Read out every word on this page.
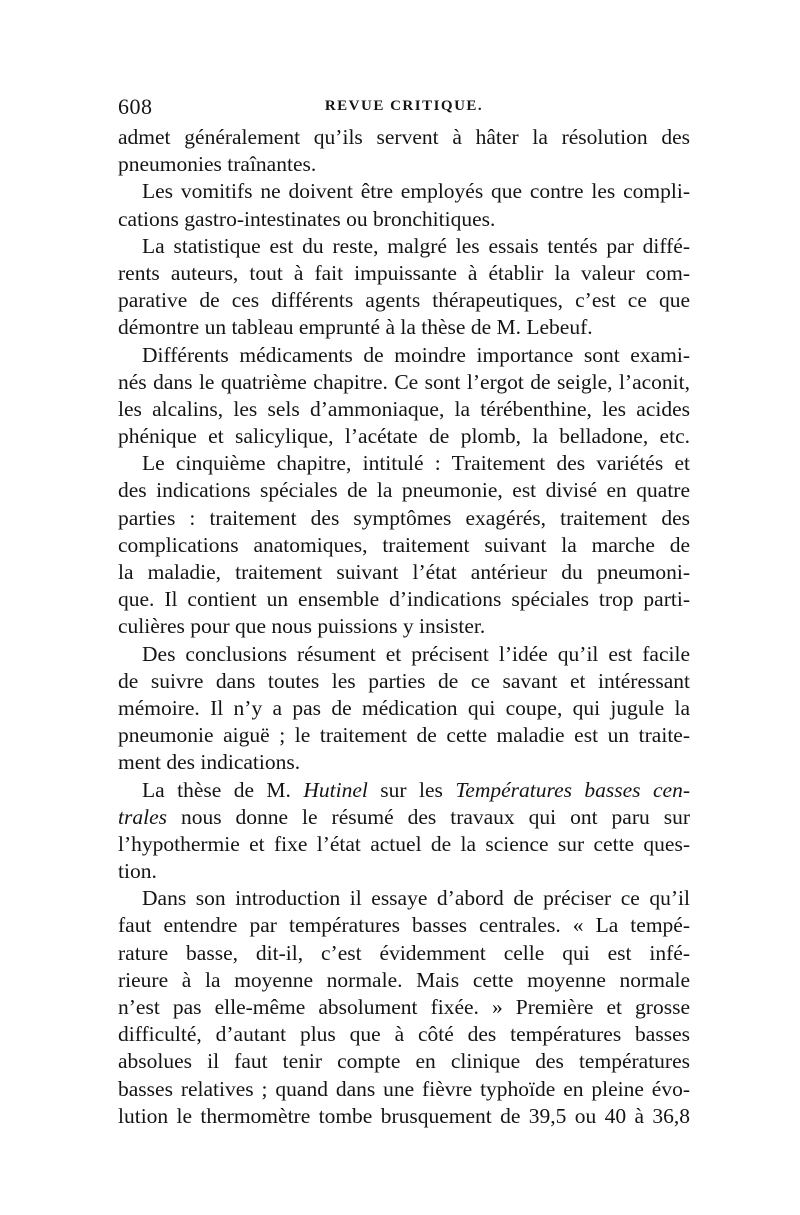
608	REVUE CRITIQUE.
admet généralement qu’ils servent à hâter la résolution des
pneumonies traînantes.
Les vomitifs ne doivent être employés que contre les compli-
cations gastro-intestinates ou bronchitiques.
La statistique est du reste, malgré les essais tentés par diffé-
rents auteurs, tout à fait impuissante à établir la valeur com-
parative de ces différents agents thérapeutiques, c’est ce que
démontre un tableau emprunté à la thèse de M. Lebeuf.
Différents médicaments de moindre importance sont exami-
nés dans le quatrième chapitre. Ce sont l’ergot de seigle, l’aconit,
les alcalins, les sels d’ammoniaque, la térébenthine, les acides
phénique et salicylique, l’acétate de plomb, la belladone, etc.
Le cinquième chapitre, intitulé : Traitement des variétés et
des indications spéciales de la pneumonie, est divisé en quatre
parties : traitement des symptômes exagérés, traitement des
complications anatomiques, traitement suivant la marche de
la maladie, traitement suivant l’état antérieur du pneumoni-
que. Il contient un ensemble d’indications spéciales trop parti-
culières pour que nous puissions y insister.
Des conclusions résument et précisent l’idée qu’il est facile
de suivre dans toutes les parties de ce savant et intéressant
mémoire. Il n’y a pas de médication qui coupe, qui jugule la
pneumonie aiguë ; le traitement de cette maladie est un traite-
ment des indications.
La thèse de M. Hutinel sur les Températures basses cen-
trales nous donne le résumé des travaux qui ont paru sur
l’hypothermie et fixe l’état actuel de la science sur cette ques-
tion.
Dans son introduction il essaye d’abord de préciser ce qu’il
faut entendre par températures basses centrales. « La tempé-
rature basse, dit-il, c’est évidemment celle qui est infé-
rieure à la moyenne normale. Mais cette moyenne normale
n’est pas elle-même absolument fixée. » Première et grosse
difficulté, d’autant plus que à côté des températures basses
absolues il faut tenir compte en clinique des températures
basses relatives ; quand dans une fièvre typhoïde en pleine évo-
lution le thermomètre tombe brusquement de 39,5 ou 40 à 36,8
